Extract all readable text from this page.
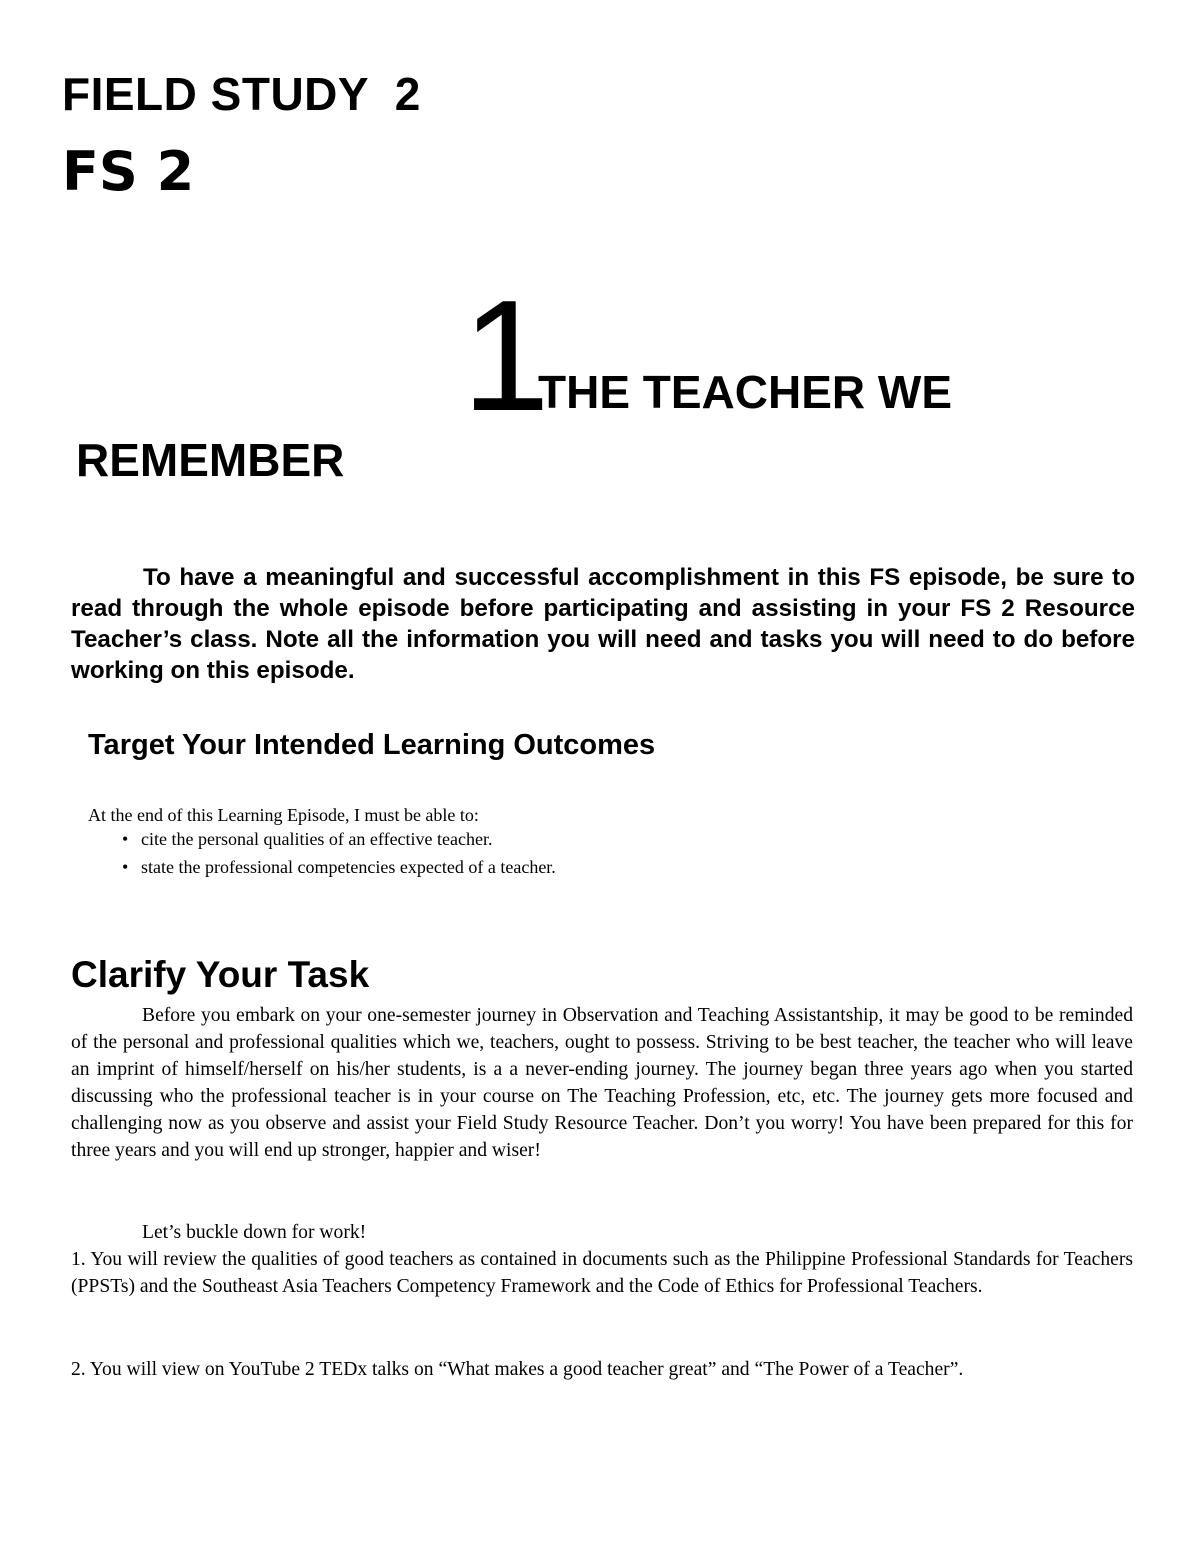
FIELD STUDY  2
FS 2
1
THE TEACHER WE
REMEMBER

To have a meaningful and successful accomplishment in this FS episode, be sure to read through the whole episode before participating and assisting in your FS 2 Resource Teacher’s class. Note all the information you will need and tasks you will need to do before working on this episode.

Target Your Intended Learning Outcomes
At the end of this Learning Episode, I must be able to:
• cite the personal qualities of an effective teacher.
• state the professional competencies expected of a teacher.
Clarify Your Task

Before you embark on your one-semester journey in Observation and Teaching Assistantship, it may be good to be reminded of the personal and professional qualities which we, teachers, ought to possess. Striving to be best teacher, the teacher who will leave an imprint of himself/herself on his/her students, is a a never-ending journey. The journey began three years ago when you started discussing who the professional teacher is in your course on The Teaching Profession, etc, etc. The journey gets more focused and challenging now as you observe and assist your Field Study Resource Teacher. Don’t you worry! You have been prepared for this for three years and you will end up stronger, happier and wiser!

Let’s buckle down for work!

1. You will review the qualities of good teachers as contained in documents such as the Philippine Professional Standards for Teachers (PPSTs) and the Southeast Asia Teachers Competency Framework and the Code of Ethics for Professional Teachers.

2. You will view on YouTube 2 TEDx talks on “What makes a good teacher great” and “The Power of a Teacher”.
